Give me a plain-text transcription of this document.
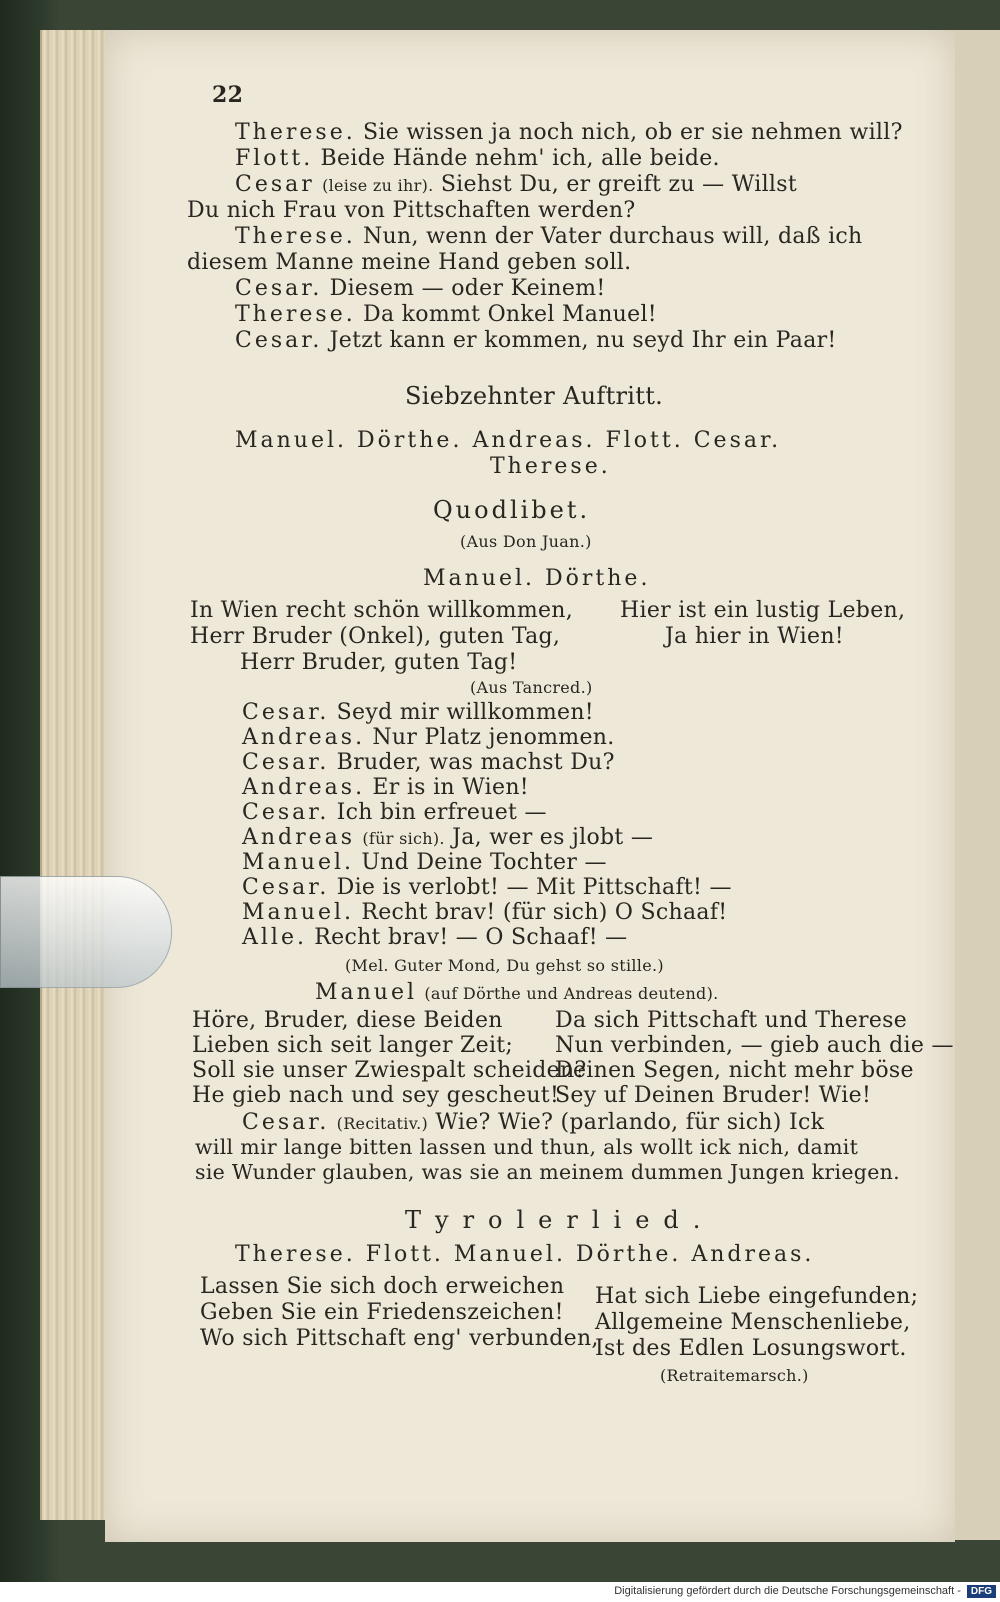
22
Therese. Sie wissen ja noch nich, ob er sie nehmen will?
Flott. Beide Hände nehm' ich, alle beide.
Cesar (leise zu ihr). Siehst Du, er greift zu — Willst
Du nich Frau von Pittschaften werden?
Therese. Nun, wenn der Vater durchaus will, daß ich
diesem Manne meine Hand geben soll.
Cesar. Diesem — oder Keinem!
Therese. Da kommt Onkel Manuel!
Cesar. Jetzt kann er kommen, nu seyd Ihr ein Paar!
Siebzehnter Auftritt.
Manuel. Dörthe. Andreas. Flott. Cesar.
Therese.
Quodlibet.
(Aus Don Juan.)
Manuel. Dörthe.
In Wien recht schön willkommen,
Herr Bruder (Onkel), guten Tag,
Herr Bruder, guten Tag!
Hier ist ein lustig Leben,
Ja hier in Wien!
(Aus Tancred.)
Cesar. Seyd mir willkommen!
Andreas. Nur Platz jenommen.
Cesar. Bruder, was machst Du?
Andreas. Er is in Wien!
Cesar. Ich bin erfreuet —
Andreas (für sich). Ja, wer es jlobt —
Manuel. Und Deine Tochter —
Cesar. Die is verlobt! — Mit Pittschaft! —
Manuel. Recht brav! (für sich) O Schaaf!
Alle. Recht brav! — O Schaaf! —
(Mel. Guter Mond, Du gehst so stille.)
Manuel (auf Dörthe und Andreas deutend).
Höre, Bruder, diese Beiden
Lieben sich seit langer Zeit;
Soll sie unser Zwiespalt scheiden?
He gieb nach und sey gescheut!
Da sich Pittschaft und Therese
Nun verbinden, — gieb auch die —
Deinen Segen, nicht mehr böse
Sey uf Deinen Bruder! Wie!
Cesar. (Recitativ.) Wie? Wie? (parlando, für sich) Ick
will mir lange bitten lassen und thun, als wollt ick nich, damit
sie Wunder glauben, was sie an meinem dummen Jungen kriegen.
Tyrolerlied.
Therese. Flott. Manuel. Dörthe. Andreas.
Lassen Sie sich doch erweichen
Geben Sie ein Friedenszeichen!
Wo sich Pittschaft eng' verbunden,
Hat sich Liebe eingefunden;
Allgemeine Menschenliebe,
Ist des Edlen Losungswort.
(Retraitemarsch.)
Digitalisierung gefördert durch die Deutsche Forschungsgemeinschaft - DFG
